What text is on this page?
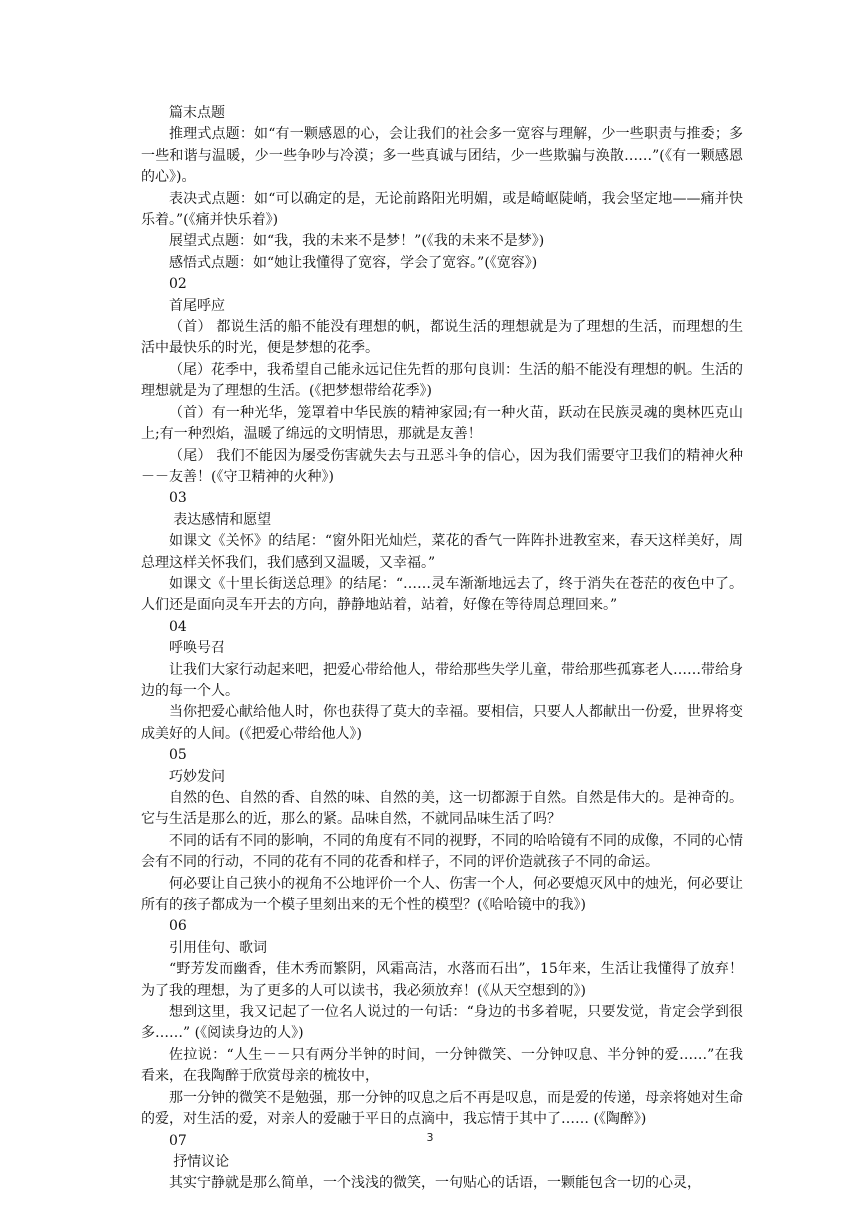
篇末点题

推理式点题：如“有一颗感恩的心，会让我们的社会多一宽容与理解，少一些职责与推委；多一些和谐与温暖，少一些争吵与冷漠；多一些真诚与团结，少一些欺骗与涣散……”(《有一颗感恩的心》)。

表决式点题：如“可以确定的是，无论前路阳光明媚，或是崎岖陡峭，我会坚定地——痛并快乐着。”(《痛并快乐着》)

展望式点题：如“我，我的未来不是梦！”(《我的未来不是梦》)

感悟式点题：如“她让我懂得了宽容，学会了宽容。”(《宽容》)

02

首尾呼应

（首） 都说生活的船不能没有理想的帆，都说生活的理想就是为了理想的生活，而理想的生活中最快乐的时光，便是梦想的花季。

（尾）花季中，我希望自己能永远记住先哲的那句良训：生活的船不能没有理想的帆。生活的理想就是为了理想的生活。(《把梦想带给花季》)

（首）有一种光华，笼罩着中华民族的精神家园;有一种火苗，跃动在民族灵魂的奥林匹克山上;有一种烈焰，温暖了绵远的文明情思，那就是友善！

（尾） 我们不能因为屡受伤害就失去与丑恶斗争的信心，因为我们需要守卫我们的精神火种－－友善！(《守卫精神的火种》)

03

表达感情和愿望

如课文《关怀》的结尾：“窗外阳光灿烂，菜花的香气一阵阵扑进教室来，春天这样美好，周总理这样关怀我们，我们感到又温暖，又幸福。”

如课文《十里长街送总理》的结尾：“……灵车渐渐地远去了，终于消失在苍茫的夜色中了。人们还是面向灵车开去的方向，静静地站着，站着，好像在等待周总理回来。”

04

呼唤号召

让我们大家行动起来吧，把爱心带给他人，带给那些失学儿童，带给那些孤寡老人……带给身边的每一个人。

当你把爱心献给他人时，你也获得了莫大的幸福。要相信，只要人人都献出一份爱，世界将变成美好的人间。(《把爱心带给他人》)

05

巧妙发问

自然的色、自然的香、自然的味、自然的美，这一切都源于自然。自然是伟大的。是神奇的。它与生活是那么的近，那么的紧。品味自然，不就同品味生活了吗？

不同的话有不同的影响，不同的角度有不同的视野，不同的哈哈镜有不同的成像，不同的心情会有不同的行动，不同的花有不同的花香和样子，不同的评价造就孩子不同的命运。

何必要让自己狭小的视角不公地评价一个人、伤害一个人，何必要熄灭风中的烛光，何必要让所有的孩子都成为一个模子里刻出来的无个性的模型？(《哈哈镜中的我》)

06

引用佳句、歌词

“野芳发而幽香，佳木秀而繁阴，风霜高洁，水落而石出”，15年来，生活让我懂得了放弃！为了我的理想，为了更多的人可以读书，我必须放弃！(《从天空想到的》)

想到这里，我又记起了一位名人说过的一句话：“身边的书多着呢，只要发觉，肯定会学到很多……” (《阅读身边的人》)

佐拉说：“人生－－只有两分半钟的时间，一分钟微笑、一分钟叹息、半分钟的爱……”在我看来，在我陶醉于欣赏母亲的梳妆中，

那一分钟的微笑不是勉强，那一分钟的叹息之后不再是叹息，而是爱的传递，母亲将她对生命的爱，对生活的爱，对亲人的爱融于平日的点滴中，我忘情于其中了…… (《陶醉》)

07

抒情议论

其实宁静就是那么简单，一个浅浅的微笑，一句贴心的话语，一颗能包含一切的心灵，

3
